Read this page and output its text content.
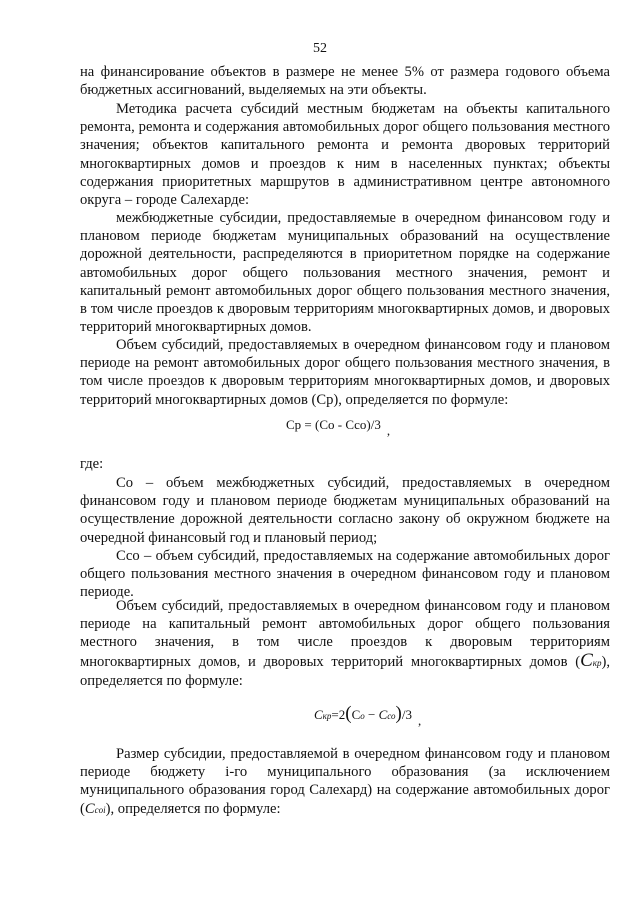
52

на финансирование объектов в размере не менее 5% от размера годового объема бюджетных ассигнований, выделяемых на эти объекты.

Методика расчета субсидий местным бюджетам на объекты капитального ремонта, ремонта и содержания автомобильных дорог общего пользования местного значения; объектов капитального ремонта и ремонта дворовых территорий многоквартирных домов и проездов к ним в населенных пунктах; объекты содержания приоритетных маршрутов в административном центре автономного округа – городе Салехарде:

межбюджетные субсидии, предоставляемые в очередном финансовом году и плановом периоде бюджетам муниципальных образований на осуществление дорожной деятельности, распределяются в приоритетном порядке на содержание автомобильных дорог общего пользования местного значения, ремонт и капитальный ремонт автомобильных дорог общего пользования местного значения, в том числе проездов к дворовым территориям многоквартирных домов, и дворовых территорий многоквартирных домов.

Объем субсидий, предоставляемых в очередном финансовом году и плановом периоде на ремонт автомобильных дорог общего пользования местного значения, в том числе проездов к дворовым территориям многоквартирных домов, и дворовых территорий многоквартирных домов (Ср), определяется по формуле:

Ср = (Со - Ссо)/3 ,

где:

Со – объем межбюджетных субсидий, предоставляемых в очередном финансовом году и плановом периоде бюджетам муниципальных образований на осуществление дорожной деятельности согласно закону об окружном бюджете на очередной финансовый год и плановый период;

Ссо – объем субсидий, предоставляемых на содержание автомобильных дорог общего пользования местного значения в очередном финансовом году и плановом периоде.

Объем субсидий, предоставляемых в очередном финансовом году и плановом периоде на капитальный ремонт автомобильных дорог общего пользования местного значения, в том числе проездов к дворовым территориям многоквартирных домов, и дворовых территорий многоквартирных домов (Скр), определяется по формуле:

Скр=2(Со − Ссо)/3 ,

Размер субсидии, предоставляемой в очередном финансовом году и плановом периоде бюджету i-го муниципального образования (за исключением муниципального образования город Салехард) на содержание автомобильных дорог (Сcoi), определяется по формуле:
